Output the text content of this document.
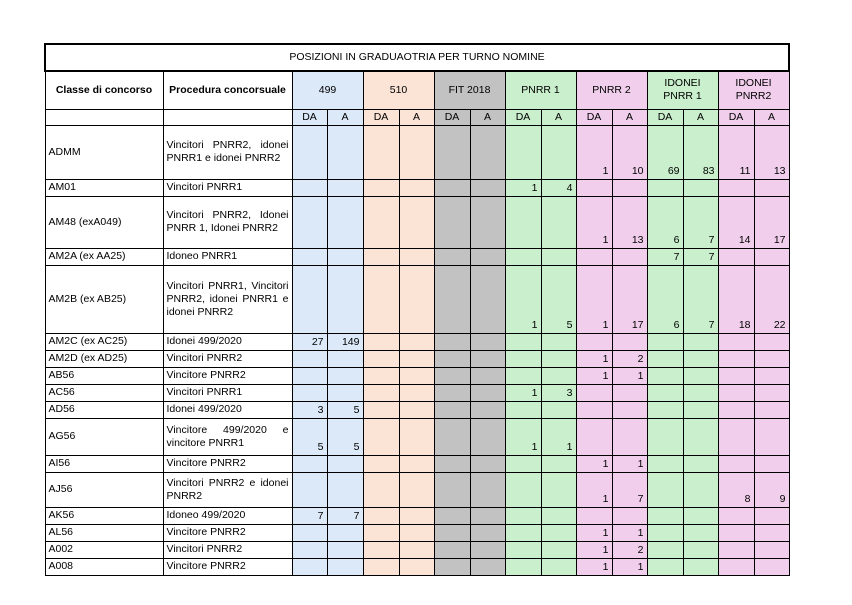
POSIZIONI IN GRADUAOTRIA PER TURNO NOMINE															
Classe di concorso	Procedura concorsuale	499		510		FIT 2018		PNRR 1		PNRR 2		IDONEI PNRR 1		IDONEI PNRR2	
		DA	A	DA	A	DA	A	DA	A	DA	A	DA	A	DA	A
ADMM	Vincitori PNRR2, idonei PNRR1 e idonei PNRR2									1	10	69	83	11	13
AM01	Vincitori PNRR1							1	4						
AM48 (exA049)	Vincitori PNRR2, Idonei PNRR 1, Idonei PNRR2									1	13	6	7	14	17
AM2A (ex AA25)	Idoneo PNRR1											7	7		
AM2B (ex AB25)	Vincitori PNRR1, Vincitori PNRR2, idonei PNRR1 e idonei PNRR2							1	5	1	17	6	7	18	22
AM2C (ex AC25)	Idonei 499/2020	27	149												
AM2D (ex AD25)	Vincitori PNRR2									1	2				
AB56	Vincitore PNRR2									1	1				
AC56	Vincitori PNRR1							1	3						
AD56	Idonei 499/2020	3	5												
AG56	Vincitore 499/2020 e vincitore PNRR1	5	5					1	1						
AI56	Vincitore PNRR2									1	1				
AJ56	Vincitori PNRR2 e idonei PNRR2									1	7			8	9
AK56	Idoneo 499/2020	7	7												
AL56	Vincitore PNRR2									1	1				
A002	Vincitori PNRR2									1	2				
A008	Vincitore PNRR2									1	1				
